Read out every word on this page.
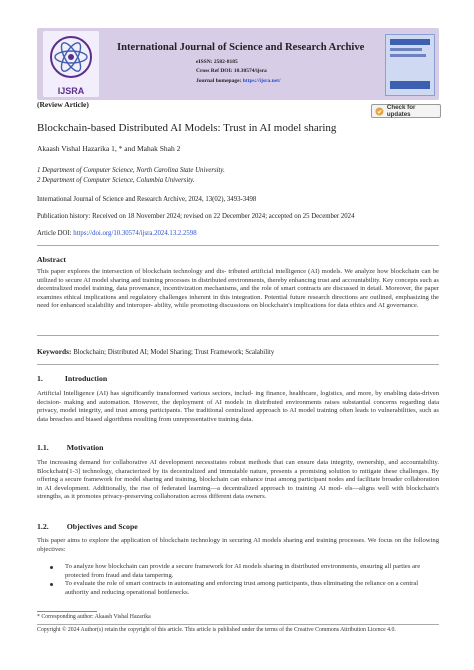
IJSRA
International Journal of Science and Research Archive
eISSN: 2582-8185
Cross Ref DOI: 10.30574/ijsra
Journal homepage: https://ijsra.net/
(Review Article)	Check for updates
Blockchain-based Distributed AI Models: Trust in AI model sharing
Akaash Vishal Hazarika 1, * and Mahak Shah 2
1 Department of Computer Science, North Carolina State University.
2 Department of Computer Science, Columbia University.
International Journal of Science and Research Archive, 2024, 13(02), 3493-3498
Publication history: Received on 18 November 2024; revised on 22 December 2024; accepted on 25 December 2024
Article DOI: https://doi.org/10.30574/ijsra.2024.13.2.2598
Abstract
This paper explores the intersection of blockchain technology and dis- tributed artificial intelligence (AI) models. We analyze how blockchain can be utilized to secure AI model sharing and training processes in distributed environments, thereby enhancing trust and accountability. Key concepts such as decentralized model training, data provenance, incentivization mechanisms, and the role of smart contracts are discussed in detail. Moreover, the paper examines ethical implications and regulatory challenges inherent in this integration. Potential future research directions are outlined, emphasizing the need for enhanced scalability and interoper- ability, while promoting discussions on blockchain's implications for data ethics and AI governance.
Keywords: Blockchain; Distributed AI; Model Sharing; Trust Framework; Scalability
1.	Introduction
Artificial Intelligence (AI) has significantly transformed various sectors, includ- ing finance, healthcare, logistics, and more, by enabling data-driven decision- making and automation. However, the deployment of AI models in distributed environments raises substantial concerns regarding data privacy, model integrity, and trust among participants. The traditional centralized approach to AI model training often leads to vulnerabilities, such as data breaches and biased algorithms resulting from unrepresentative training data.
1.1. Motivation
The increasing demand for collaborative AI development necessitates robust methods that can ensure data integrity, ownership, and accountability. Blockchain[1-3] technology, characterized by its decentralized and immutable nature, presents a promising solution to mitigate these challenges. By offering a secure framework for model sharing and training, blockchain can enhance trust among participant nodes and facilitate broader collaboration in AI development. Additionally, the rise of federated learning—a decentralized approach to training AI mod- els—aligns well with blockchain's strengths, as it promotes privacy-preserving collaboration across different data owners.
1.2. Objectives and Scope
This paper aims to explore the application of blockchain technology in securing AI models sharing and training processes. We focus on the following objectives:
To analyze how blockchain can provide a secure framework for AI models sharing in distributed environments, ensuring all parties are protected from fraud and data tampering.
To evaluate the role of smart contracts in automating and enforcing trust among participants, thus eliminating the reliance on a central authority and reducing operational bottlenecks.
* Corresponding author: Akaash Vishal Hazarika
Copyright © 2024 Author(s) retain the copyright of this article. This article is published under the terms of the Creative Commons Attribution Licence 4.0.
